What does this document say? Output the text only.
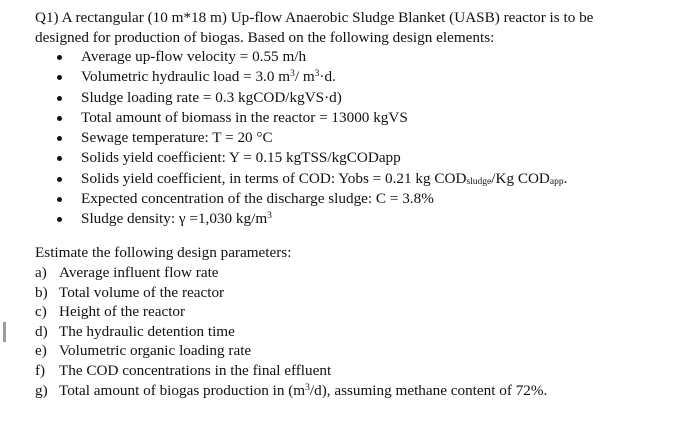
Q1) A rectangular (10 m*18 m) Up-flow Anaerobic Sludge Blanket (UASB) reactor is to be
designed for production of biogas. Based on the following design elements:

Average up-flow velocity = 0.55 m/h
Volumetric hydraulic load = 3.0 $m^3/$ $m^3\cdot d$.
Sludge loading rate = 0.3 kgCOD/kgVS·d)
Total amount of biomass in the reactor = 13000 kgVS
Sewage temperature: T = 20 °C
Solids yield coefficient: Y = 0.15 kgTSS/kgCODapp
Solids yield coefficient, in terms of COD: Yobs = 0.21 kg $COD_{sludge}/Kg$ $COD_{app}$.
Expected concentration of the discharge sludge: C = 3.8%
Sludge density: γ =1,030 $kg/m^3$

Estimate the following design parameters:

a) Average influent flow rate
b) Total volume of the reactor
c) Height of the reactor
d) The hydraulic detention time
e) Volumetric organic loading rate
f) The COD concentrations in the final effluent
g) Total amount of biogas production in $(m^3/d)$, assuming methane content of 72%.
